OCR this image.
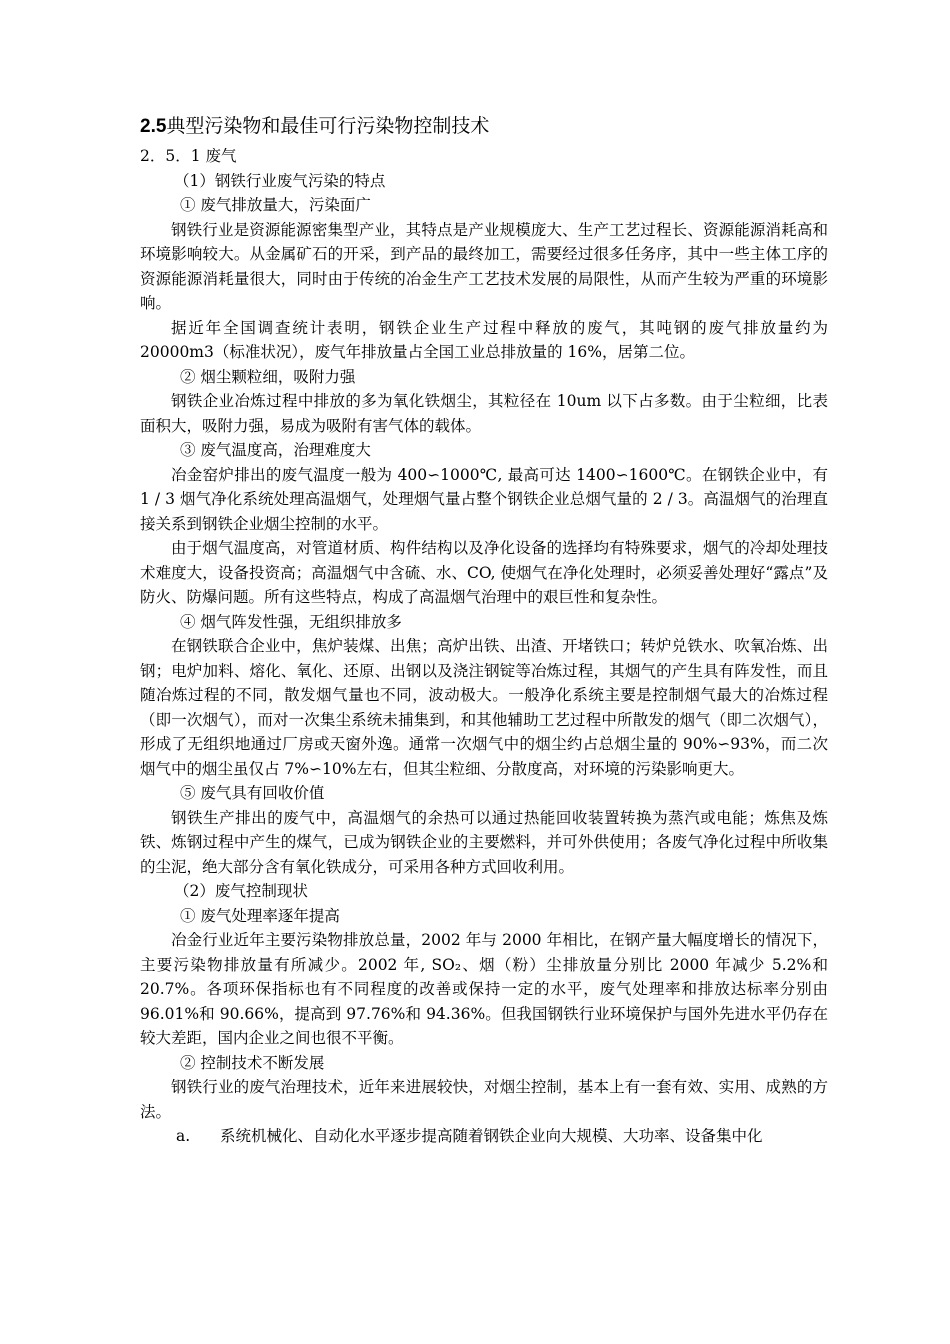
2.5典型污染物和最佳可行污染物控制技术
2．5．1 废气
（1）钢铁行业废气污染的特点
① 废气排放量大，污染面广

钢铁行业是资源能源密集型产业，其特点是产业规模庞大、生产工艺过程长、资源能源消耗高和环境影响较大。从金属矿石的开采，到产品的最终加工，需要经过很多任务序，其中一些主体工序的资源能源消耗量很大，同时由于传统的冶金生产工艺技术发展的局限性，从而产生较为严重的环境影响。

据近年全国调查统计表明，钢铁企业生产过程中释放的废气，其吨钢的废气排放量约为 20000m3（标准状况），废气年排放量占全国工业总排放量的 16%，居第二位。

② 烟尘颗粒细，吸附力强

钢铁企业冶炼过程中排放的多为氧化铁烟尘，其粒径在 10um 以下占多数。由于尘粒细，比表面积大，吸附力强，易成为吸附有害气体的载体。

③ 废气温度高，治理难度大

冶金窑炉排出的废气温度一般为 400∽1000℃, 最高可达 1400∽1600℃。在钢铁企业中，有 1 / 3 烟气净化系统处理高温烟气，处理烟气量占整个钢铁企业总烟气量的 2 / 3。高温烟气的治理直接关系到钢铁企业烟尘控制的水平。

由于烟气温度高，对管道材质、构件结构以及净化设备的选择均有特殊要求，烟气的冷却处理技术难度大，设备投资高；高温烟气中含硫、水、CO, 使烟气在净化处理时，必须妥善处理好“露点”及防火、防爆问题。所有这些特点，构成了高温烟气治理中的艰巨性和复杂性。

④ 烟气阵发性强，无组织排放多

在钢铁联合企业中，焦炉装煤、出焦；高炉出铁、出渣、开堵铁口；转炉兑铁水、吹氧冶炼、出钢；电炉加料、熔化、氧化、还原、出钢以及浇注钢锭等冶炼过程，其烟气的产生具有阵发性，而且随冶炼过程的不同，散发烟气量也不同，波动极大。一般净化系统主要是控制烟气最大的冶炼过程（即一次烟气），而对一次集尘系统未捕集到，和其他辅助工艺过程中所散发的烟气（即二次烟气），形成了无组织地通过厂房或天窗外逸。通常一次烟气中的烟尘约占总烟尘量的 90%∽93%，而二次烟气中的烟尘虽仅占 7%∽10%左右，但其尘粒细、分散度高，对环境的污染影响更大。

⑤ 废气具有回收价值

钢铁生产排出的废气中，高温烟气的余热可以通过热能回收装置转换为蒸汽或电能；炼焦及炼铁、炼钢过程中产生的煤气，已成为钢铁企业的主要燃料，并可外供使用；各废气净化过程中所收集的尘泥，绝大部分含有氧化铁成分，可采用各种方式回收利用。

（2）废气控制现状
① 废气处理率逐年提高

冶金行业近年主要污染物排放总量，2002 年与 2000 年相比，在钢产量大幅度增长的情况下，主要污染物排放量有所减少。2002 年, SO₂、烟（粉）尘排放量分别比 2000 年减少 5.2%和 20.7%。各项环保指标也有不同程度的改善或保持一定的水平，废气处理率和排放达标率分别由 96.01%和 90.66%，提高到 97.76%和 94.36%。但我国钢铁行业环境保护与国外先进水平仍存在较大差距，国内企业之间也很不平衡。

② 控制技术不断发展

钢铁行业的废气治理技术，近年来进展较快，对烟尘控制，基本上有一套有效、实用、成熟的方法。

a. 系统机械化、自动化水平逐步提高随着钢铁企业向大规模、大功率、设备集中化
